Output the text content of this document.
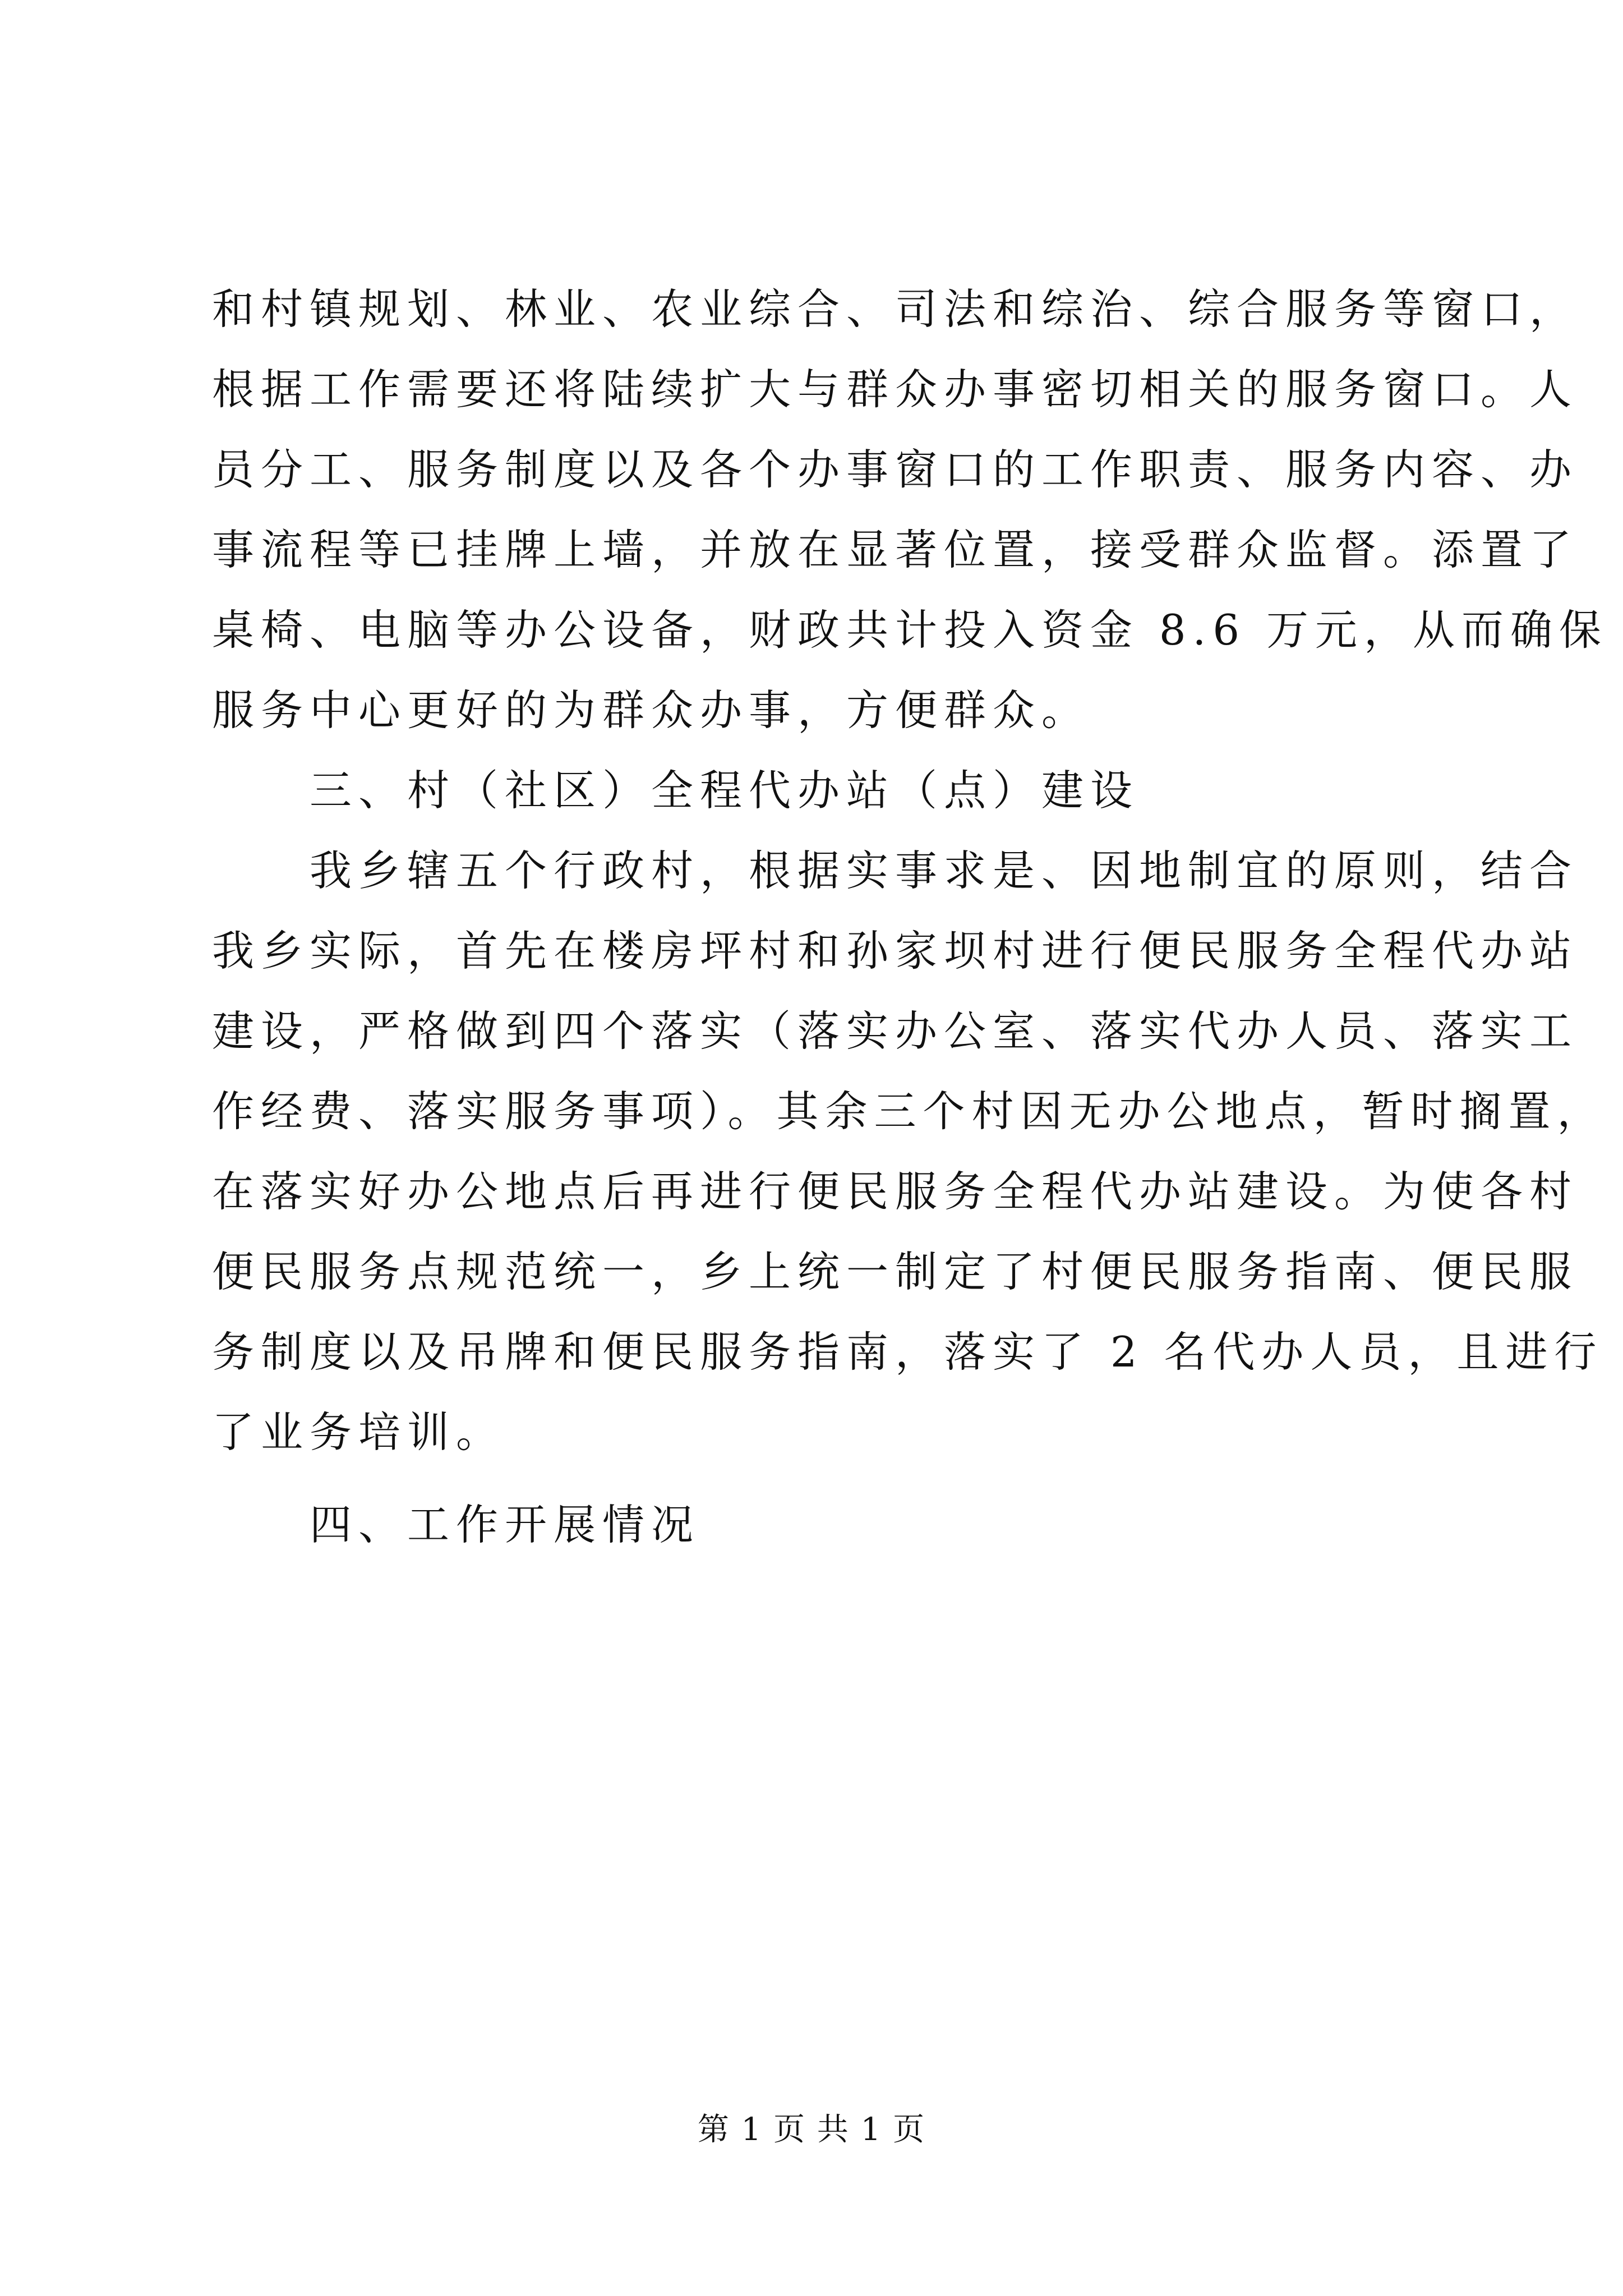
和村镇规划、林业、农业综合、司法和综治、综合服务等窗口，
根据工作需要还将陆续扩大与群众办事密切相关的服务窗口。人
员分工、服务制度以及各个办事窗口的工作职责、服务内容、办
事流程等已挂牌上墙，并放在显著位置，接受群众监督。添置了
桌椅、电脑等办公设备，财政共计投入资金 8.6 万元，从而确保
服务中心更好的为群众办事，方便群众。

三、村（社区）全程代办站（点）建设

我乡辖五个行政村，根据实事求是、因地制宜的原则，结合
我乡实际，首先在楼房坪村和孙家坝村进行便民服务全程代办站
建设，严格做到四个落实（落实办公室、落实代办人员、落实工
作经费、落实服务事项）。其余三个村因无办公地点，暂时搁置，
在落实好办公地点后再进行便民服务全程代办站建设。为使各村
便民服务点规范统一，乡上统一制定了村便民服务指南、便民服
务制度以及吊牌和便民服务指南，落实了 2 名代办人员，且进行
了业务培训。

四、工作开展情况

第 1 页 共 1 页
